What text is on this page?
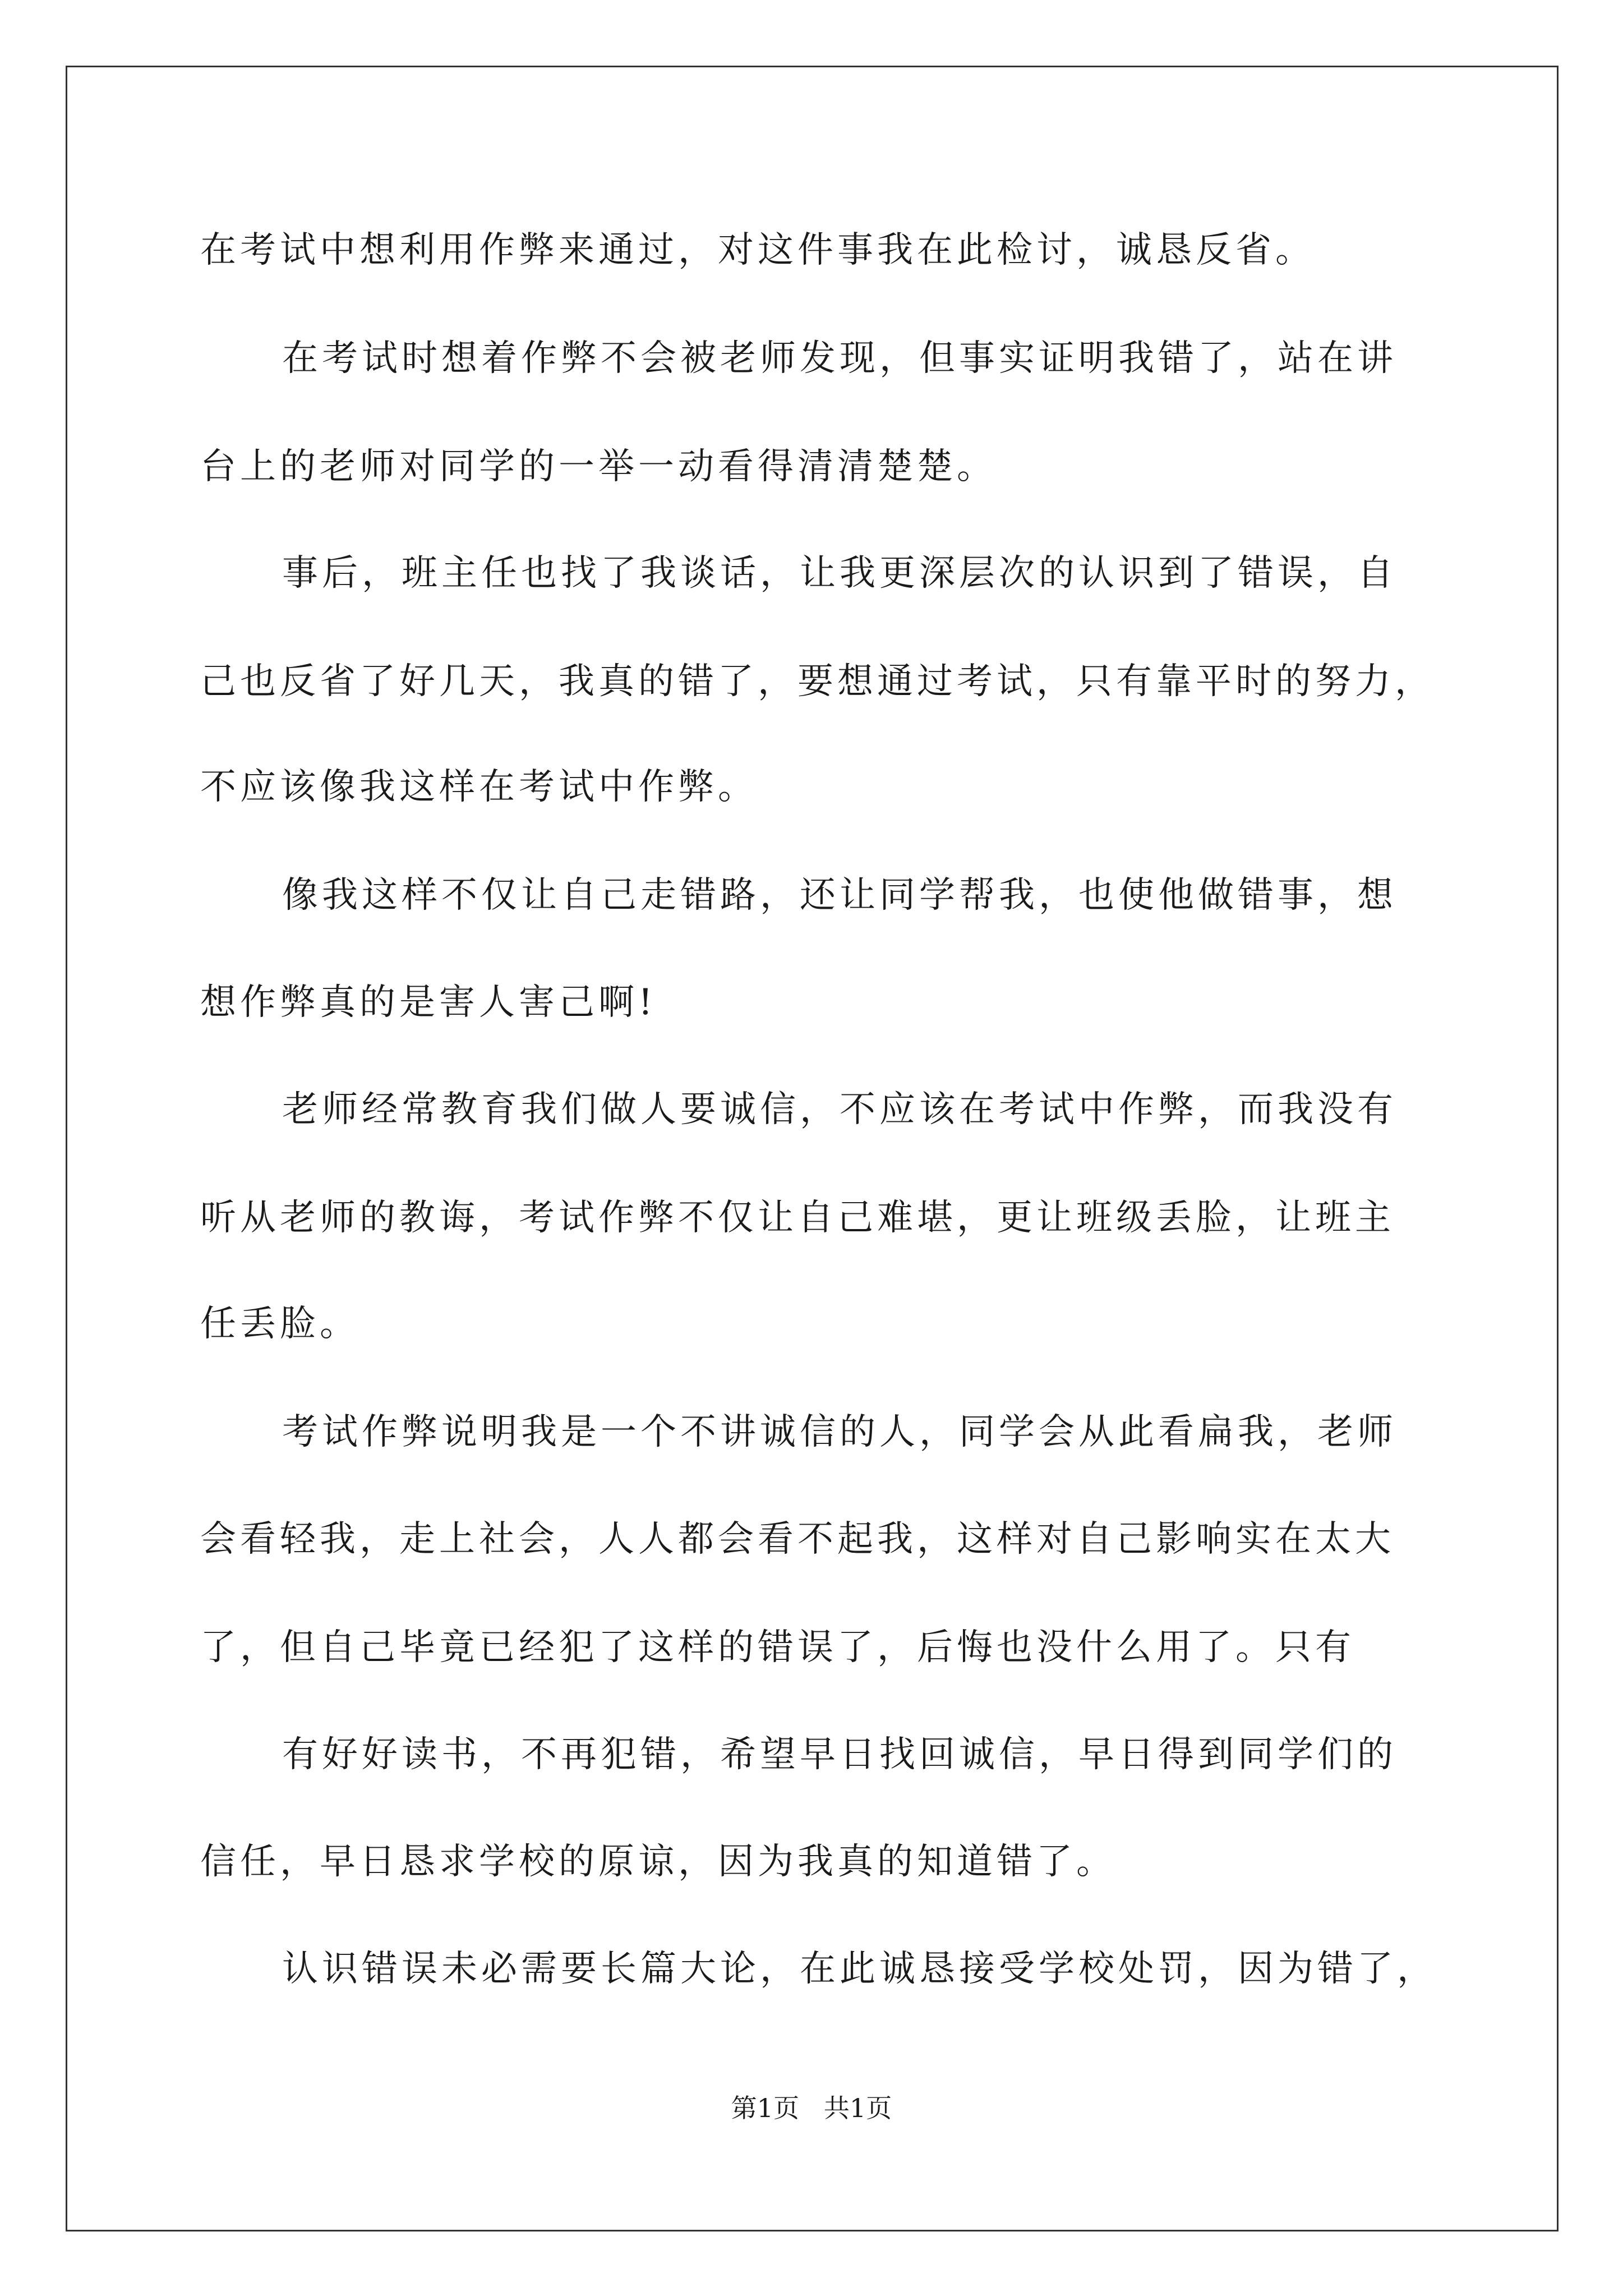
在考试中想利用作弊来通过，对这件事我在此检讨，诚恳反省。
在考试时想着作弊不会被老师发现，但事实证明我错了，站在讲
台上的老师对同学的一举一动看得清清楚楚。
事后，班主任也找了我谈话，让我更深层次的认识到了错误，自
己也反省了好几天，我真的错了，要想通过考试，只有靠平时的努力，
不应该像我这样在考试中作弊。
像我这样不仅让自己走错路，还让同学帮我，也使他做错事，想
想作弊真的是害人害己啊!
老师经常教育我们做人要诚信，不应该在考试中作弊，而我没有
听从老师的教诲，考试作弊不仅让自己难堪，更让班级丢脸，让班主
任丢脸。
考试作弊说明我是一个不讲诚信的人，同学会从此看扁我，老师
会看轻我，走上社会，人人都会看不起我，这样对自己影响实在太大
了，但自己毕竟已经犯了这样的错误了，后悔也没什么用了。只有
有好好读书，不再犯错，希望早日找回诚信，早日得到同学们的
信任，早日恳求学校的原谅，因为我真的知道错了。
认识错误未必需要长篇大论，在此诚恳接受学校处罚，因为错了，
第1页   共1页
